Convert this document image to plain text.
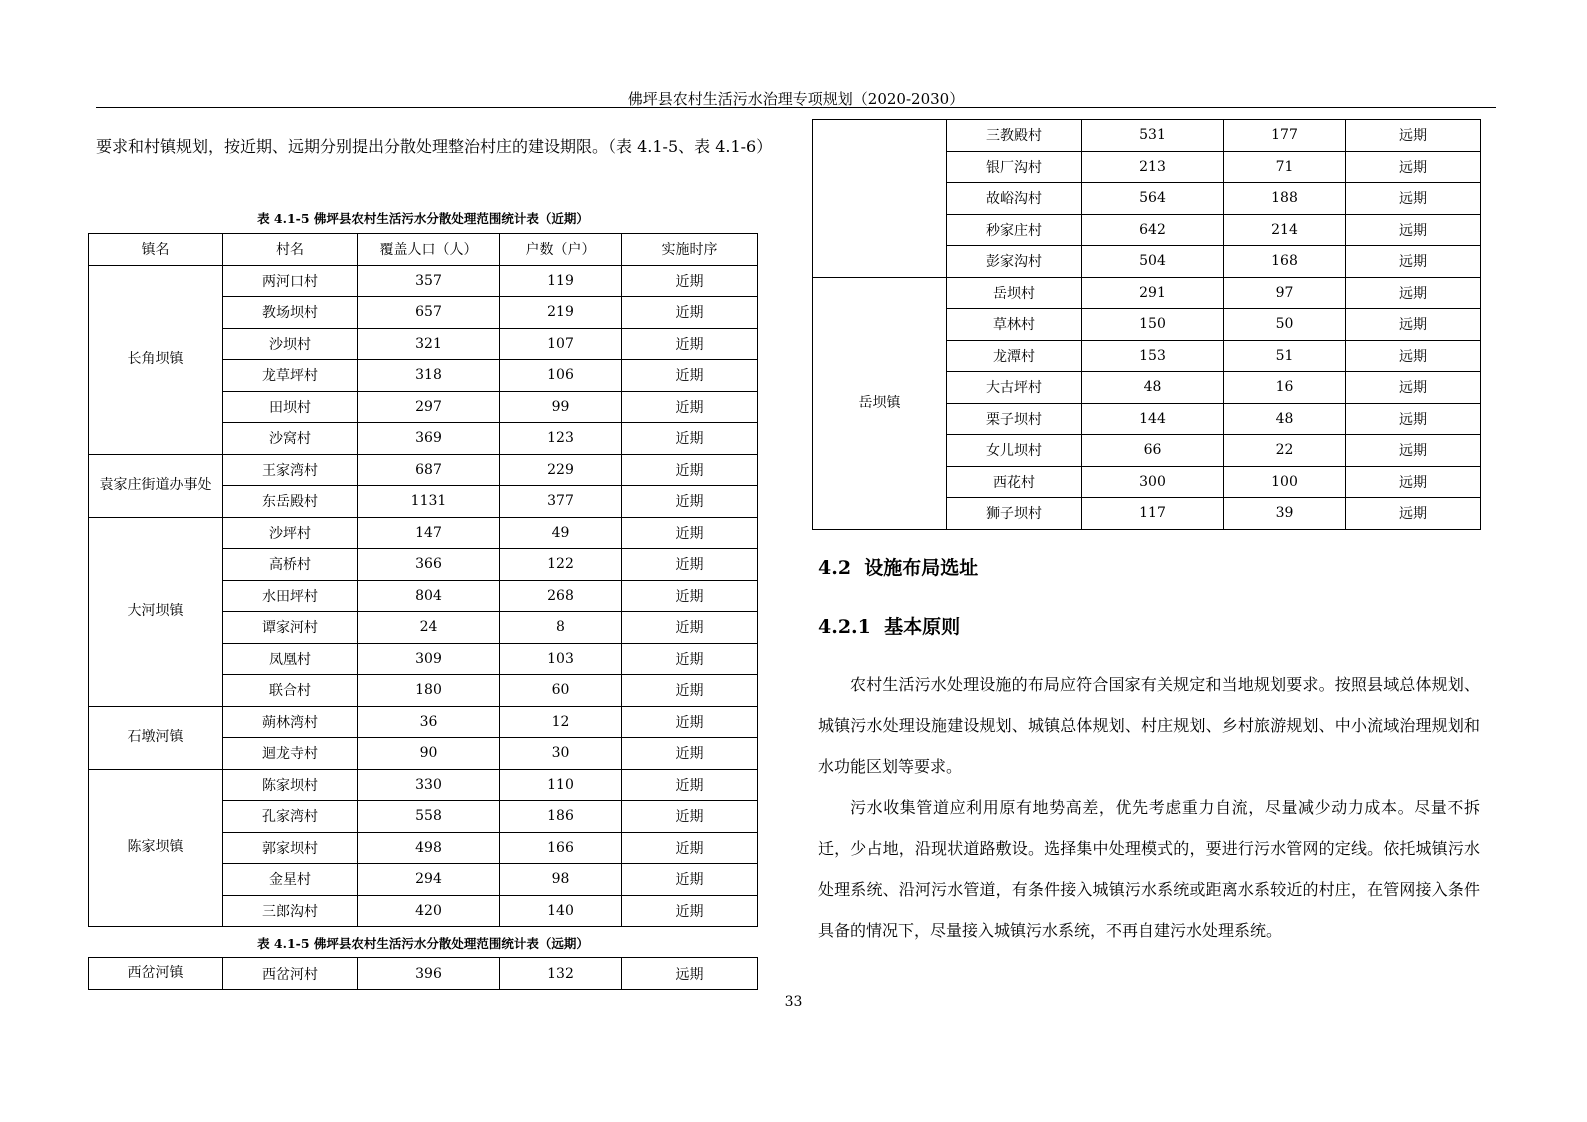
佛坪县农村生活污水治理专项规划（2020-2030）
要求和村镇规划，按近期、远期分别提出分散处理整治村庄的建设期限。（表 4.1-5、表 4.1-6）
表 4.1-5 佛坪县农村生活污水分散处理范围统计表（近期）
镇名	村名	覆盖人口（人）	户数（户）	实施时序
长角坝镇	两河口村	357	119	近期
	教场坝村	657	219	近期
	沙坝村	321	107	近期
	龙草坪村	318	106	近期
	田坝村	297	99	近期
	沙窝村	369	123	近期
袁家庄街道办事处	王家湾村	687	229	近期
	东岳殿村	1131	377	近期
大河坝镇	沙坪村	147	49	近期
	高桥村	366	122	近期
	水田坪村	804	268	近期
	谭家河村	24	8	近期
	凤凰村	309	103	近期
	联合村	180	60	近期
石墩河镇	蒴林湾村	36	12	近期
	迴龙寺村	90	30	近期
陈家坝镇	陈家坝村	330	110	近期
	孔家湾村	558	186	近期
	郭家坝村	498	166	近期
	金星村	294	98	近期
	三郎沟村	420	140	近期
表 4.1-5 佛坪县农村生活污水分散处理范围统计表（远期）
西岔河镇	西岔河村	396	132	远期
	三教殿村	531	177	远期
	银厂沟村	213	71	远期
	故峪沟村	564	188	远期
	秒家庄村	642	214	远期
	彭家沟村	504	168	远期
岳坝镇	岳坝村	291	97	远期
	草林村	150	50	远期
	龙潭村	153	51	远期
	大古坪村	48	16	远期
	栗子坝村	144	48	远期
	女儿坝村	66	22	远期
	西花村	300	100	远期
	狮子坝村	117	39	远期
4.2 设施布局选址
4.2.1 基本原则

农村生活污水处理设施的布局应符合国家有关规定和当地规划要求。按照县域总体规划、城镇污水处理设施建设规划、城镇总体规划、村庄规划、乡村旅游规划、中小流域治理规划和水功能区划等要求。

污水收集管道应利用原有地势高差，优先考虑重力自流，尽量减少动力成本。尽量不拆迁，少占地，沿现状道路敷设。选择集中处理模式的，要进行污水管网的定线。依托城镇污水处理系统、沿河污水管道，有条件接入城镇污水系统或距离水系较近的村庄，在管网接入条件具备的情况下，尽量接入城镇污水系统，不再自建污水处理系统。

33
